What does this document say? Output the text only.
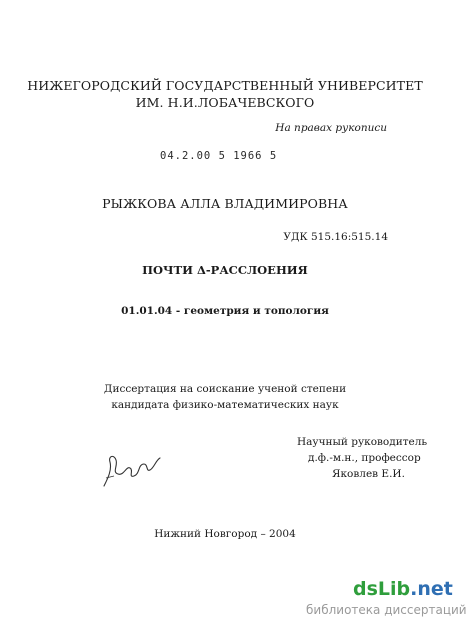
НИЖЕГОРОДСКИЙ ГОСУДАРСТВЕННЫЙ УНИВЕРСИТЕТ
ИМ. Н.И.ЛОБАЧЕВСКОГО
На правах рукописи
04.2.00 5 1966 5
РЫЖКОВА АЛЛА ВЛАДИМИРОВНА
УДК 515.16:515.14
ПОЧТИ Δ-РАССЛОЕНИЯ
01.01.04 - геометрия и топология
Диссертация на соискание ученой степени
кандидата физико-математических наук
Научный руководитель
д.ф.-м.н., профессор
Яковлев Е.И.
Нижний Новгород – 2004
dsLib.net
библиотека диссертаций
